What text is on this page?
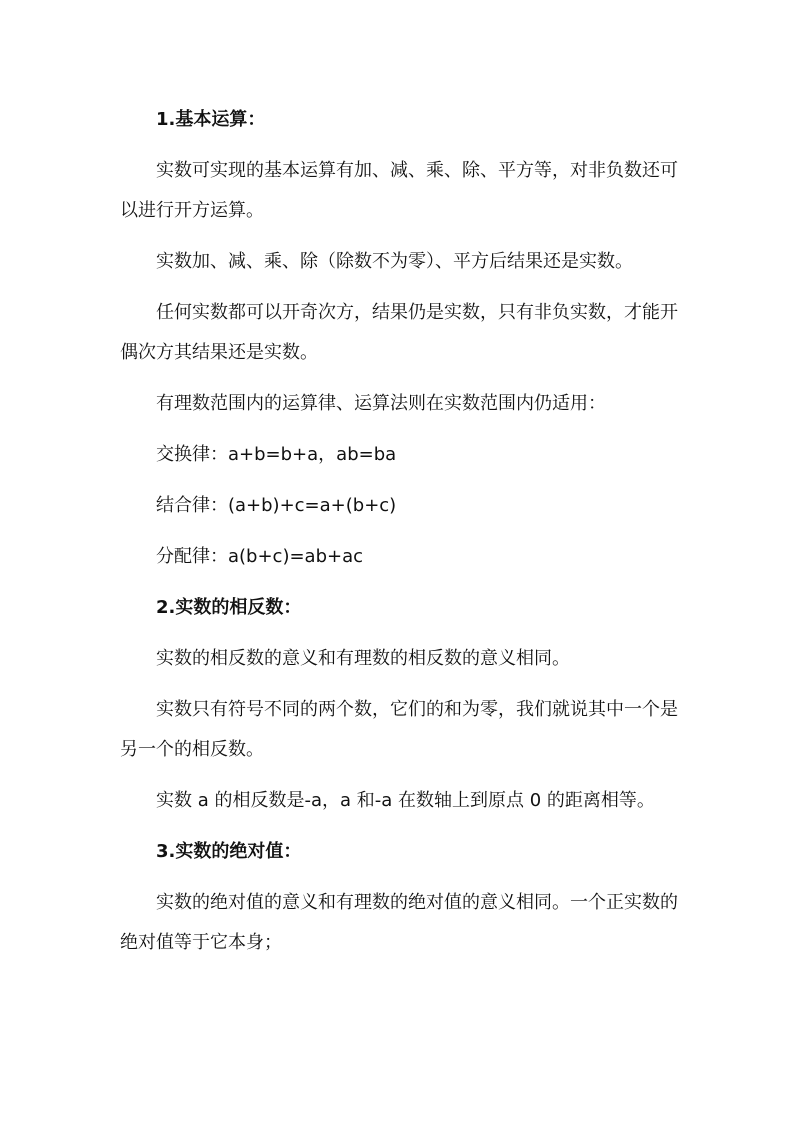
1.基本运算：

实数可实现的基本运算有加、减、乘、除、平方等，对非负数还可以进行开方运算。

实数加、减、乘、除（除数不为零）、平方后结果还是实数。

任何实数都可以开奇次方，结果仍是实数，只有非负实数，才能开偶次方其结果还是实数。

有理数范围内的运算律、运算法则在实数范围内仍适用：

交换律：a+b=b+a，ab=ba

结合律：(a+b)+c=a+(b+c)

分配律：a(b+c)=ab+ac

2.实数的相反数：

实数的相反数的意义和有理数的相反数的意义相同。

实数只有符号不同的两个数，它们的和为零，我们就说其中一个是另一个的相反数。

实数 a 的相反数是-a，a 和-a 在数轴上到原点 0 的距离相等。

3.实数的绝对值：

实数的绝对值的意义和有理数的绝对值的意义相同。一个正实数的绝对值等于它本身；
